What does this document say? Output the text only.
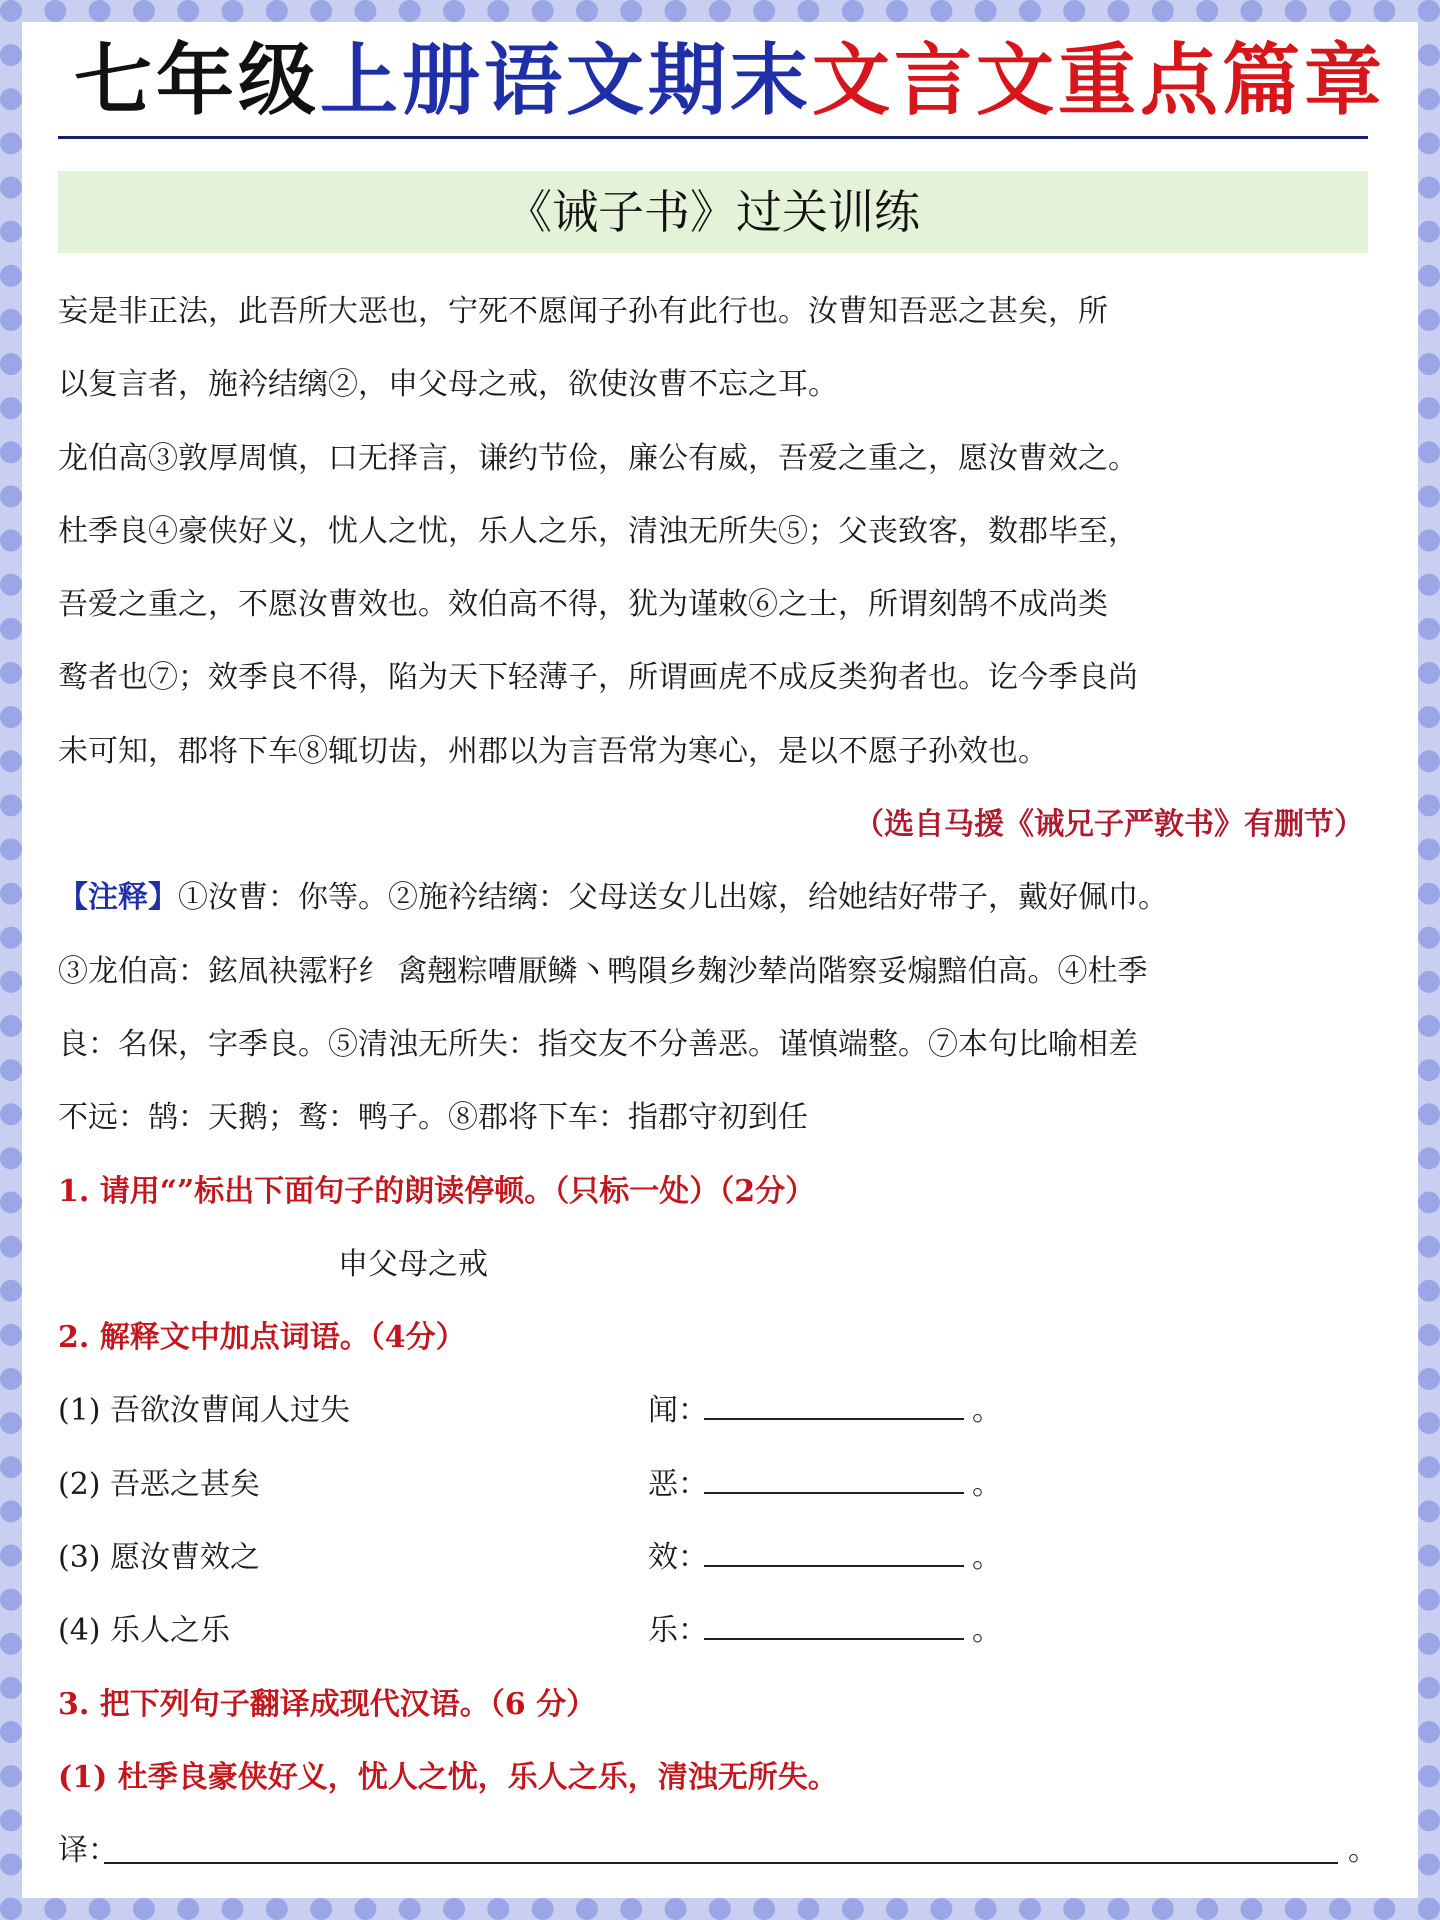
七年级上册语文期末文言文重点篇章
《诫子书》过关训练
妄是非正法，此吾所大恶也，宁死不愿闻子孙有此行也。汝曹知吾恶之甚矣，所
以复言者，施衿结缡②，申父母之戒，欲使汝曹不忘之耳。
龙伯高③敦厚周慎，口无择言，谦约节俭，廉公有威，吾爱之重之，愿汝曹效之。
杜季良④豪侠好义，忧人之忧，乐人之乐，清浊无所失⑤；父丧致客，数郡毕至，
吾爱之重之，不愿汝曹效也。效伯高不得，犹为谨敕⑥之士，所谓刻鹄不成尚类
鹜者也⑦；效季良不得，陷为天下轻薄子，所谓画虎不成反类狗者也。讫今季良尚
未可知，郡将下车⑧辄切齿，州郡以为言吾常为寒心，是以不愿子孙效也。
（选自马援《诫兄子严敦书》有删节）
【注释】①汝曹：你等。②施衿结缡：父母送女儿出嫁，给她结好带子，戴好佩巾。
③龙伯高：鉉凮袂霐籽纟 禽翹粽嘈厭鳞丶鸭隕乡麹沙辇尚階察妥煽黯伯高。④杜季
良：名保，字季良。⑤清浊无所失：指交友不分善恶。谨慎端整。⑦本句比喻相差
不远：鹄：天鹅；鹜：鸭子。⑧郡将下车：指郡守初到任
1. 请用“”标出下面句子的朗读停顿。（只标一处）（2分）
申父母之戒
2. 解释文中加点词语。（4分）
(1) 吾欲汝曹闻人过失	闻：	。
(2) 吾恶之甚矣	恶：	。
(3) 愿汝曹效之	效：	。
(4) 乐人之乐	乐：	。
3. 把下列句子翻译成现代汉语。（6 分）
(1) 杜季良豪侠好义，忧人之忧，乐人之乐，清浊无所失。
译：	。
